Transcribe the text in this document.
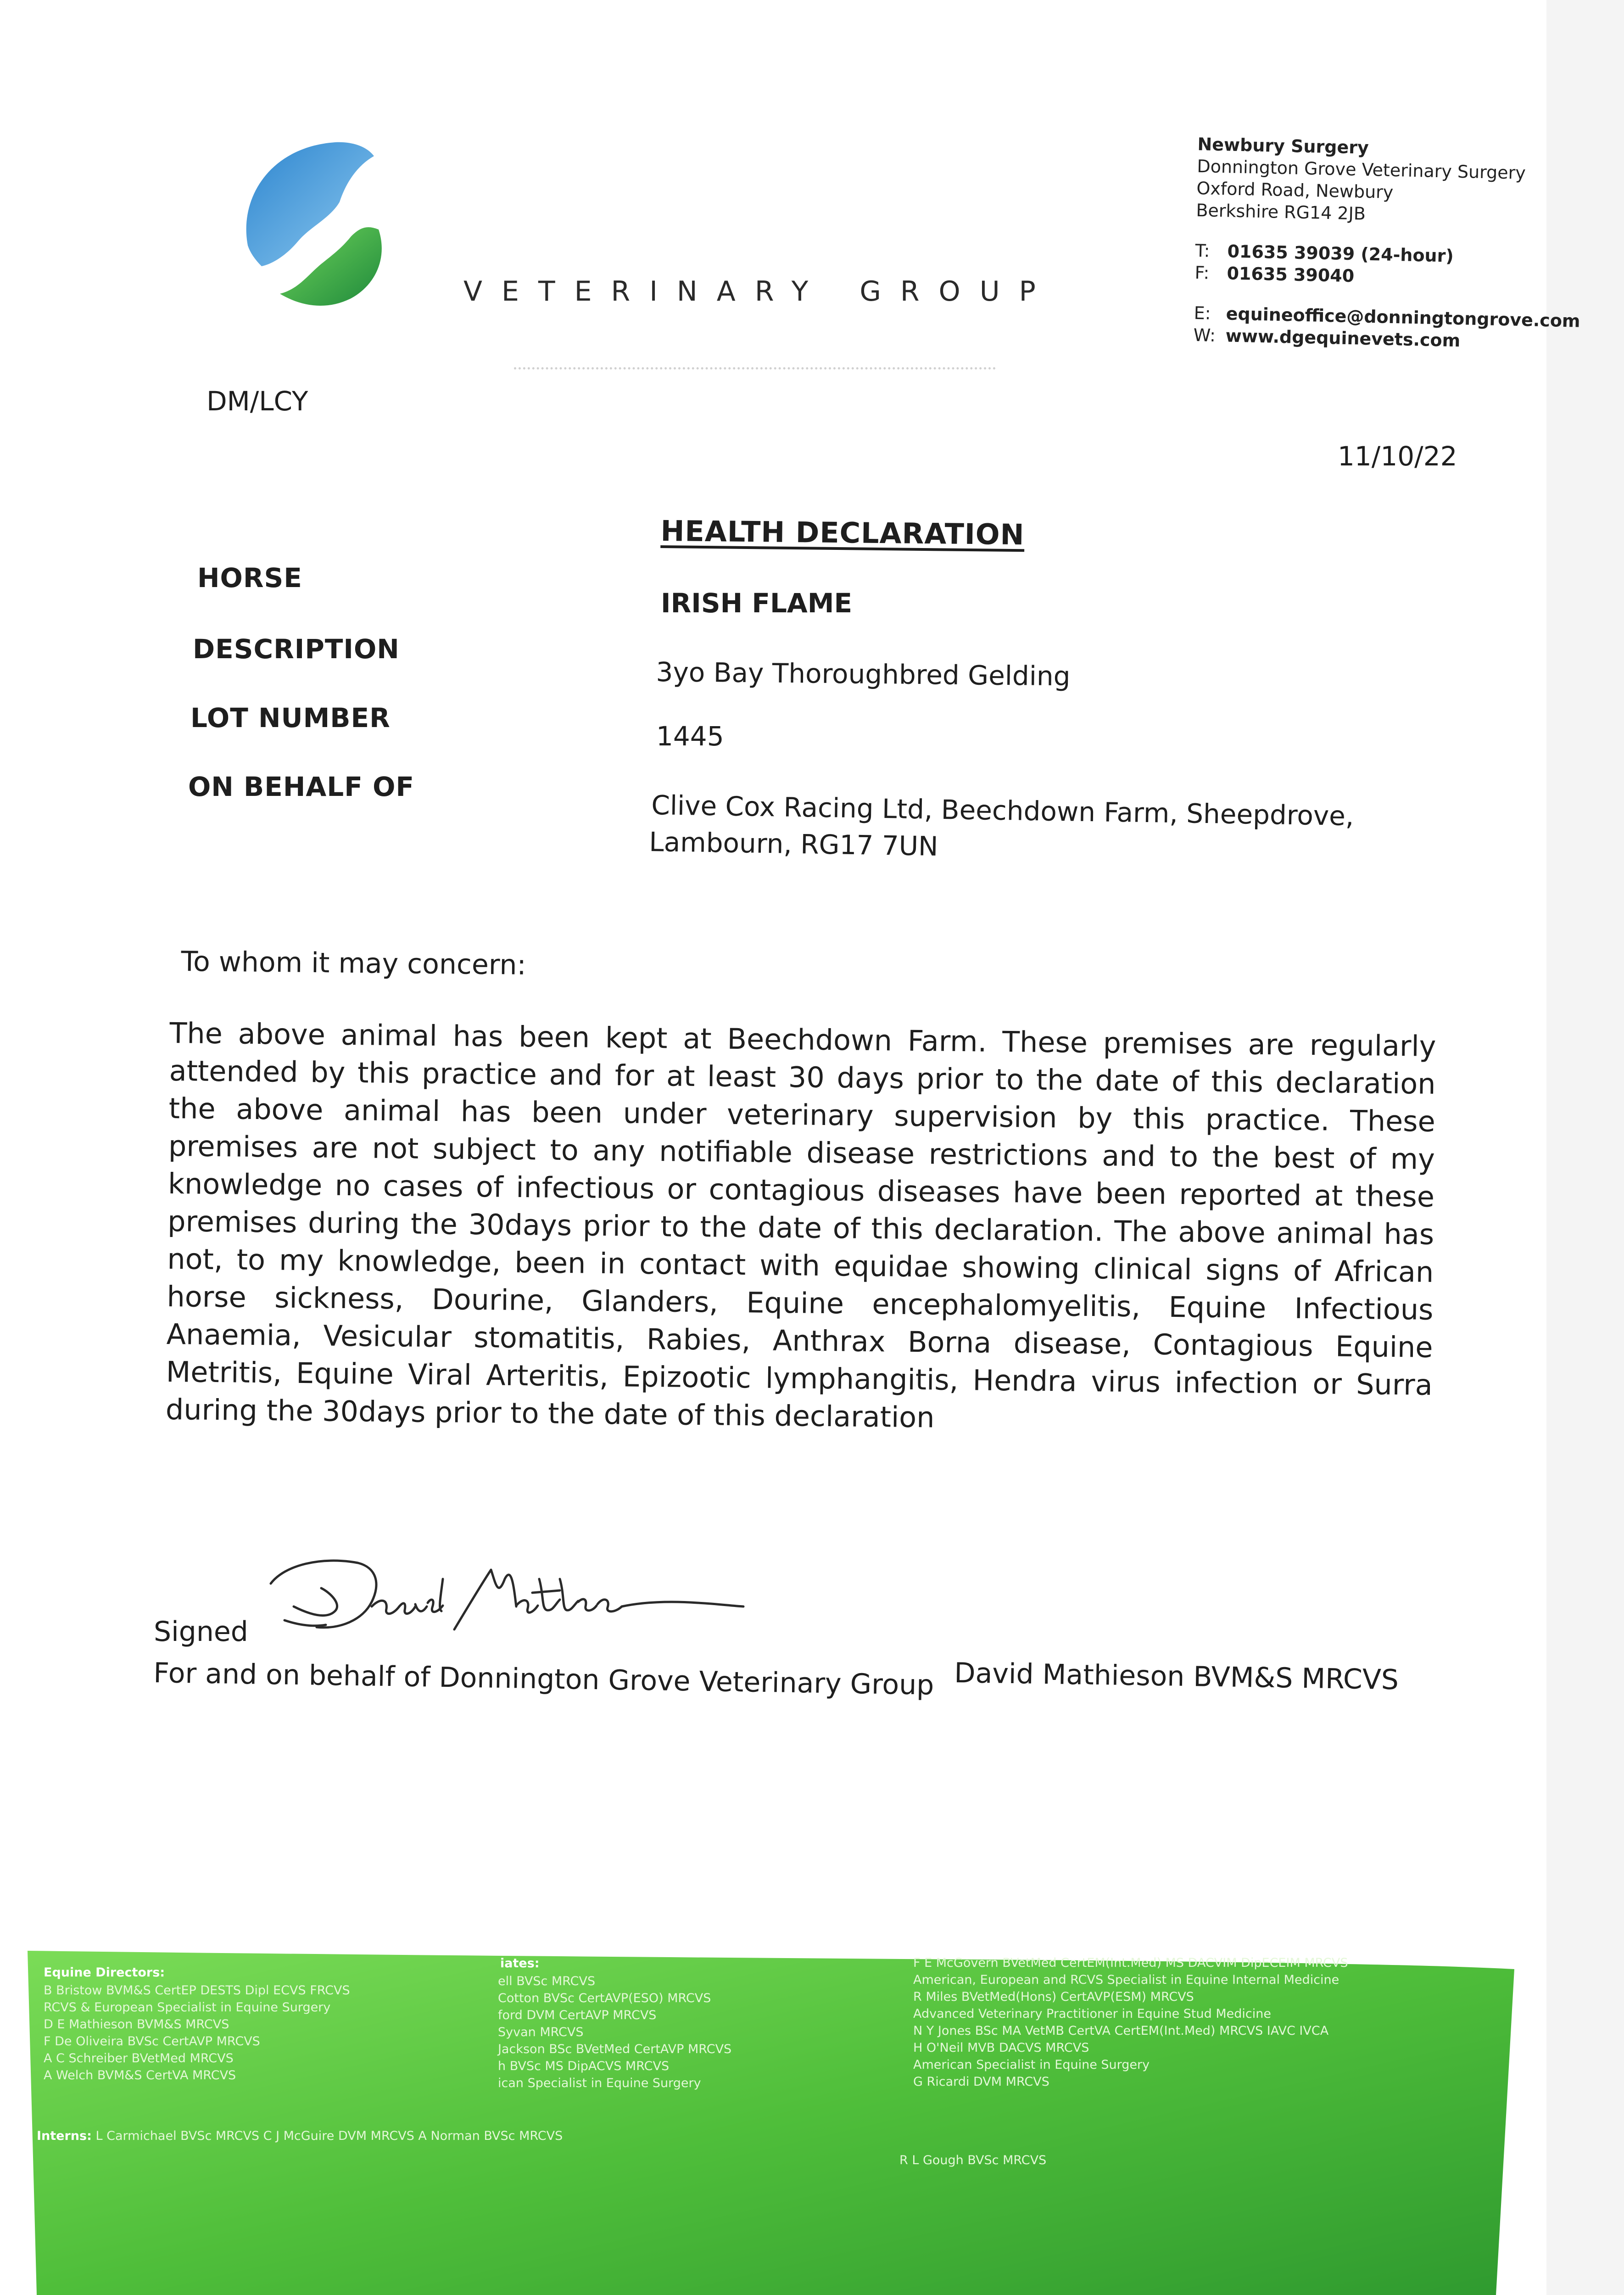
VETERINARY GROUP
Newbury Surgery
Donnington Grove Veterinary Surgery
Oxford Road, Newbury
Berkshire RG14 2JB
T: 01635 39039 (24-hour)
F: 01635 39040
E: equineoffice@donningtongrove.com
W: www.dgequinevets.com
DM/LCY
11/10/22
HEALTH DECLARATION
HORSE
IRISH FLAME
DESCRIPTION
3yo Bay Thoroughbred Gelding
LOT NUMBER
1445
ON BEHALF OF
Clive Cox Racing Ltd, Beechdown Farm, Sheepdrove,
Lambourn, RG17 7UN
To whom it may concern:
The above animal has been kept at Beechdown Farm. These premises are regularly attended by this practice and for at least 30 days prior to the date of this declaration the above animal has been under veterinary supervision by this practice. These premises are not subject to any notifiable disease restrictions and to the best of my knowledge no cases of infectious or contagious diseases have been reported at these premises during the 30days prior to the date of this declaration. The above animal has not, to my knowledge, been in contact with equidae showing clinical signs of African horse sickness, Dourine, Glanders, Equine encephalomyelitis, Equine Infectious Anaemia, Vesicular stomatitis, Rabies, Anthrax Borna disease, Contagious Equine Metritis, Equine Viral Arteritis, Epizootic lymphangitis, Hendra virus infection or Surra during the 30days prior to the date of this declaration
Signed
For and on behalf of Donnington Grove Veterinary Group David Mathieson BVM&S MRCVS
Equine Directors:
B Bristow BVM&S CertEP DESTS Dipl ECVS FRCVS
RCVS & European Specialist in Equine Surgery
D E Mathieson BVM&S MRCVS
F De Oliveira BVSc CertAVP MRCVS
A C Schreiber BVetMed MRCVS
A Welch BVM&S CertVA MRCVS
iates:
ell BVSc MRCVS
Cotton BVSc CertAVP(ESO) MRCVS
ford DVM CertAVP MRCVS
Syvan MRCVS
Jackson BSc BVetMed CertAVP MRCVS
h BVSc MS DipACVS MRCVS
ican Specialist in Equine Surgery
F E McGovern BVetMed CertEM(Int.Med) MS DACVIM DipECEIM MRCVS
American, European and RCVS Specialist in Equine Internal Medicine
R Miles BVetMed(Hons) CertAVP(ESM) MRCVS
Advanced Veterinary Practitioner in Equine Stud Medicine
N Y Jones BSc MA VetMB CertVA CertEM(Int.Med) MRCVS IAVC IVCA
H O'Neil MVB DACVS MRCVS
American Specialist in Equine Surgery
G Ricardi DVM MRCVS
Interns: L Carmichael BVSc MRCVS C J McGuire DVM MRCVS A Norman BVSc MRCVS
R L Gough BVSc MRCVS
